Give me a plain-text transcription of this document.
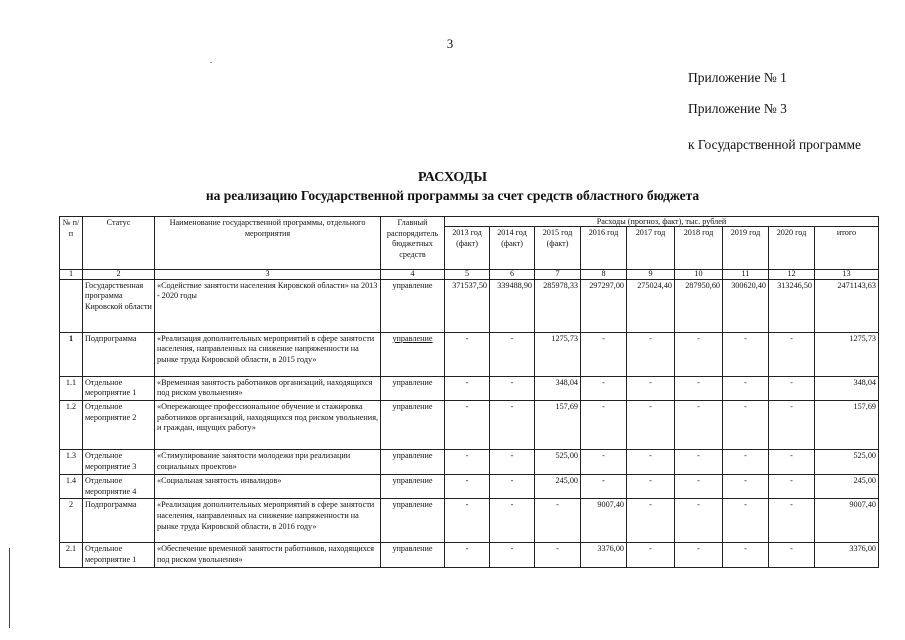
3
Приложение № 1
Приложение № 3
к Государственной программе
РАСХОДЫ
на реализацию Государственной программы за счет средств областного бюджета
№ п/п	Статус	Наименование государственной программы, отдельного мероприятия	Главный распорядитель бюджетных средств	Расходы (прогноз, факт), тыс. рублей								
				2013 год (факт)	2014 год (факт)	2015 год (факт)	2016 год	2017 год	2018 год	2019 год	2020 год	итого
1	2	3	4	5	6	7	8	9	10	11	12	13
	Государственная программа Кировской области	«Содействие занятости населения Кировской области» на 2013 - 2020 годы	управление	371537,50	339488,90	285978,33	297297,00	275024,40	287950,60	300620,40	313246,50	2471143,63
1	Подпрограмма	«Реализация дополнительных мероприятий в сфере занятости населения, направленных на снижение напряженности на рынке труда Кировской области, в 2015 году»	управление	-	-	1275,73	-	-	-	-	-	1275,73
1.1	Отдельное мероприятие 1	«Временная занятость работников организаций, находящихся под риском увольнения»	управление	-	-	348,04	-	-	-	-	-	348,04
1.2	Отдельное мероприятие 2	«Опережающее профессиональное обучение и стажировка работников организаций, находящихся под риском увольнения, и граждан, ищущих работу»	управление	-	-	157,69	-	-	-	-	-	157,69
1.3	Отдельное мероприятие 3	«Стимулирование занятости молодежи при реализации социальных проектов»	управление	-	-	525,00	-	-	-	-	-	525,00
1.4	Отдельное мероприятие 4	«Социальная занятость инвалидов»	управление	-	-	245,00	-	-	-	-	-	245,00
2	Подпрограмма	«Реализация дополнительных мероприятий в сфере занятости населения, направленных на снижение напряженности на рынке труда Кировской области, в 2016 году»	управление	-	-	-	9007,40	-	-	-	-	9007,40
2.1	Отдельное мероприятие 1	«Обеспечение временной занятости работников, находящихся под риском увольнения»	управление	-	-	-	3376,00	-	-	-	-	3376,00
